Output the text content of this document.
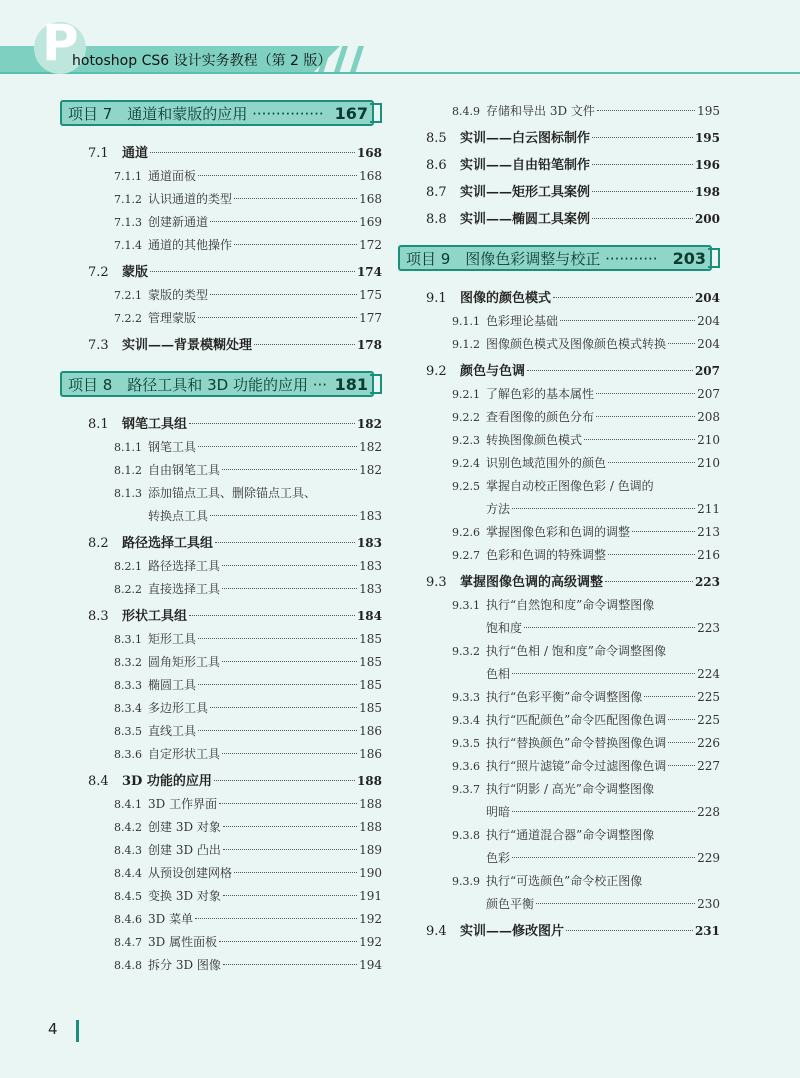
P
hotoshop CS6 设计实务教程（第 2 版）
项目 7　通道和蒙版的应用 ··············· 167
7.1	通道	168
7.1.1 通道面板	168
7.1.2 认识通道的类型	168
7.1.3 创建新通道	169
7.1.4 通道的其他操作	172
7.2	蒙版	174
7.2.1 蒙版的类型	175
7.2.2 管理蒙版	177
7.3	实训——背景模糊处理	178
项目 8　路径工具和 3D 功能的应用 ··· 181
8.1	钢笔工具组	182
8.1.1 钢笔工具	182
8.1.2 自由钢笔工具	182
8.1.3 添加锚点工具、删除锚点工具、
转换点工具	183
8.2	路径选择工具组	183
8.2.1 路径选择工具	183
8.2.2 直接选择工具	183
8.3	形状工具组	184
8.3.1 矩形工具	185
8.3.2 圆角矩形工具	185
8.3.3 椭圆工具	185
8.3.4 多边形工具	185
8.3.5 直线工具	186
8.3.6 自定形状工具	186
8.4	3D 功能的应用	188
8.4.1 3D 工作界面	188
8.4.2 创建 3D 对象	188
8.4.3 创建 3D 凸出	189
8.4.4 从预设创建网格	190
8.4.5 变换 3D 对象	191
8.4.6 3D 菜单	192
8.4.7 3D 属性面板	192
8.4.8 拆分 3D 图像	194
8.4.9 存储和导出 3D 文件	195
8.5	实训——白云图标制作	195
8.6	实训——自由铅笔制作	196
8.7	实训——矩形工具案例	198
8.8	实训——椭圆工具案例	200
项目 9　图像色彩调整与校正 ··········· 203
9.1	图像的颜色模式	204
9.1.1 色彩理论基础	204
9.1.2 图像颜色模式及图像颜色模式转换	204
9.2	颜色与色调	207
9.2.1 了解色彩的基本属性	207
9.2.2 查看图像的颜色分布	208
9.2.3 转换图像颜色模式	210
9.2.4 识别色域范围外的颜色	210
9.2.5 掌握自动校正图像色彩 / 色调的
方法	211
9.2.6 掌握图像色彩和色调的调整	213
9.2.7 色彩和色调的特殊调整	216
9.3	掌握图像色调的高级调整	223
9.3.1 执行“自然饱和度”命令调整图像
饱和度	223
9.3.2 执行“色相 / 饱和度”命令调整图像
色相	224
9.3.3 执行“色彩平衡”命令调整图像	225
9.3.4 执行“匹配颜色”命令匹配图像色调	225
9.3.5 执行“替换颜色”命令替换图像色调	226
9.3.6 执行“照片滤镜”命令过滤图像色调	227
9.3.7 执行“阴影 / 高光”命令调整图像
明暗	228
9.3.8 执行“通道混合器”命令调整图像
色彩	229
9.3.9 执行“可选颜色”命令校正图像
颜色平衡	230
9.4	实训——修改图片	231
4
